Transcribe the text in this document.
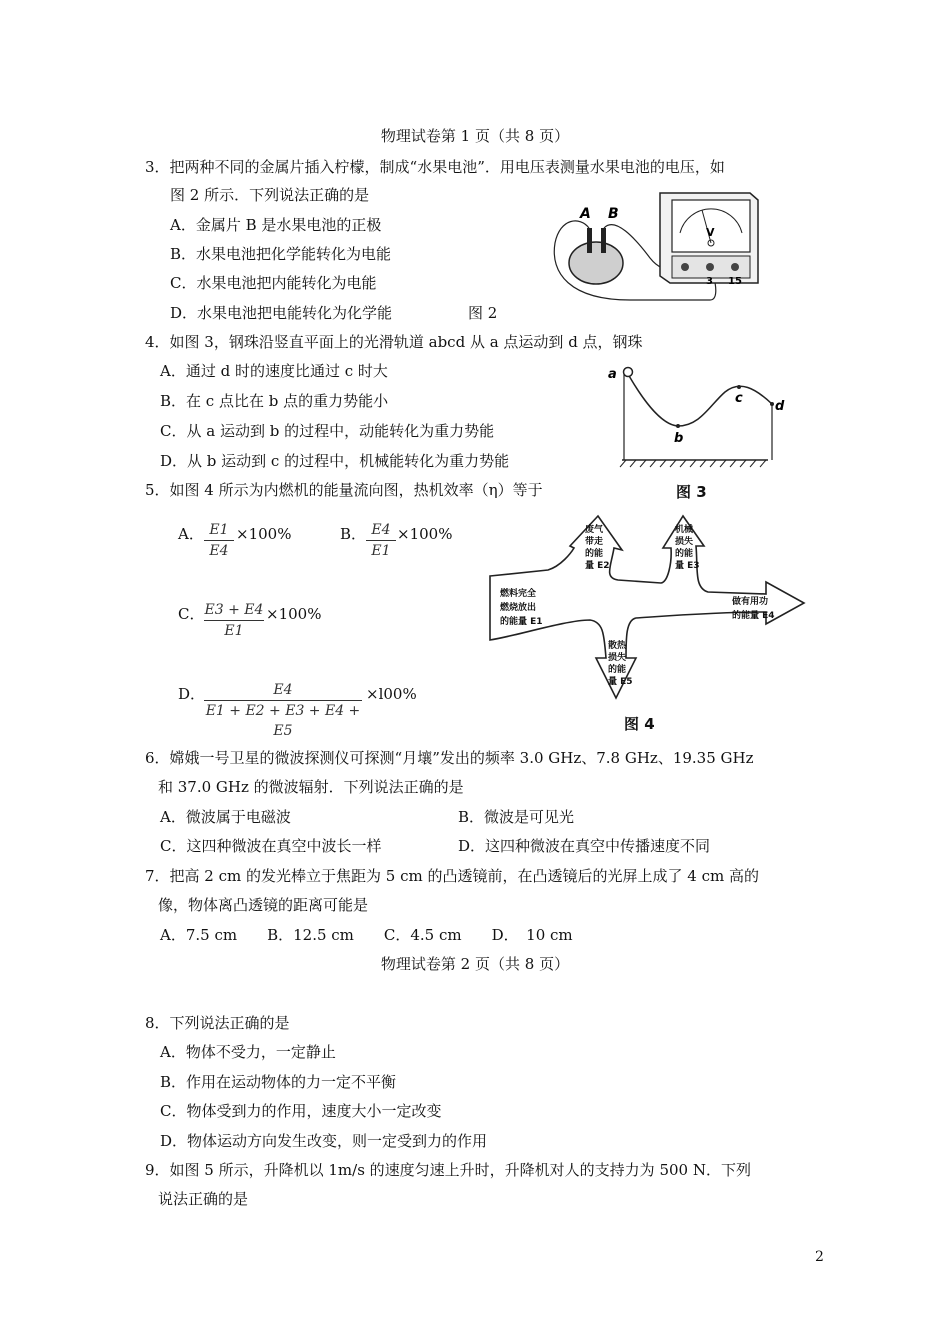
物理试卷第 1 页（共 8 页）
3．把两种不同的金属片插入柠檬，制成“水果电池”．用电压表测量水果电池的电压，如
图 2 所示．下列说法正确的是
A．金属片 B 是水果电池的正极
B．水果电池把化学能转化为电能
C．水果电池把内能转化为电能
D．水果电池把电能转化为化学能	图 2
A B
V
3 15
4．如图 3，钢珠沿竖直平面上的光滑轨道 abcd 从 a 点运动到 d 点，钢珠
A．通过 d 时的速度比通过 c 时大
B．在 c 点比在 b 点的重力势能小
C．从 a 运动到 b 的过程中，动能转化为重力势能
D．从 b 运动到 c 的过程中，机械能转化为重力势能
a
b
c
d
图 3
5．如图 4 所示为内燃机的能量流向图，热机效率（η）等于
A． E1
E4
×100%	B． E4
E1
×100%
C． E3 + E4
E1
×100%
D．	E4
E1 + E2 + E3 + E4 + E5
×l00%
废气
带走
的能
量 E2
机械
损失
的能
量 E3
燃料完全
燃烧放出
的能量 E1
做有用功
的能量 E4
散热
损失
的能
量 E5
图 4
6．嫦娥一号卫星的微波探测仪可探测“月壤”发出的频率 3.0 GHz、7.8 GHz、19.35 GHz
和 37.0 GHz 的微波辐射．下列说法正确的是
A．微波属于电磁波	B．微波是可见光
C．这四种微波在真空中波长一样	D．这四种微波在真空中传播速度不同
7．把高 2 cm 的发光棒立于焦距为 5 cm 的凸透镜前，在凸透镜后的光屏上成了 4 cm 高的
像，物体离凸透镜的距离可能是
A．7.5 cm　　B．12.5 cm　　C．4.5 cm　　D．　10 cm
物理试卷第 2 页（共 8 页）
8．下列说法正确的是
A．物体不受力，一定静止
B．作用在运动物体的力一定不平衡
C．物体受到力的作用，速度大小一定改变
D．物体运动方向发生改变，则一定受到力的作用
9．如图 5 所示，升降机以 1m/s 的速度匀速上升时，升降机对人的支持力为 500 N．下列
说法正确的是
2
